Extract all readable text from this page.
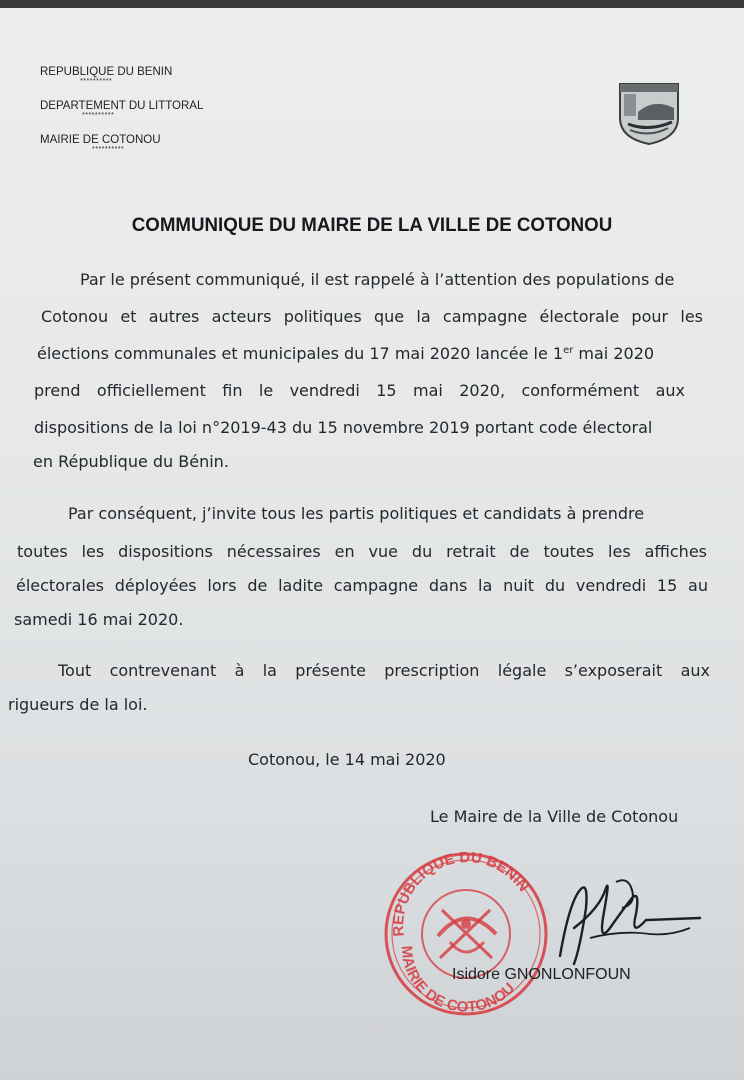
REPUBLIQUE DU BENIN
**********
DEPARTEMENT DU LITTORAL
**********
MAIRIE DE COTONOU
**********
COMMUNIQUE DU MAIRE DE LA VILLE DE COTONOU
Par le présent communiqué, il est rappelé à l’attention des populations de
Cotonou et autres acteurs politiques que la campagne électorale pour les
élections communales et municipales du 17 mai 2020 lancée le 1er mai 2020
prend officiellement fin le vendredi 15 mai 2020, conformément aux
dispositions de la loi n°2019-43 du 15 novembre 2019 portant code électoral
en République du Bénin.
Par conséquent, j’invite tous les partis politiques et candidats à prendre
toutes les dispositions nécessaires en vue du retrait de toutes les affiches
électorales déployées lors de ladite campagne dans la nuit du vendredi 15 au
samedi 16 mai 2020.
Tout contrevenant à la présente prescription légale s’exposerait aux
rigueurs de la loi.
Cotonou, le 14 mai 2020
Le Maire de la Ville de Cotonou
REPUBLIQUE DU BENIN
MAIRIE DE COTONOU
Isidore GNONLONFOUN
